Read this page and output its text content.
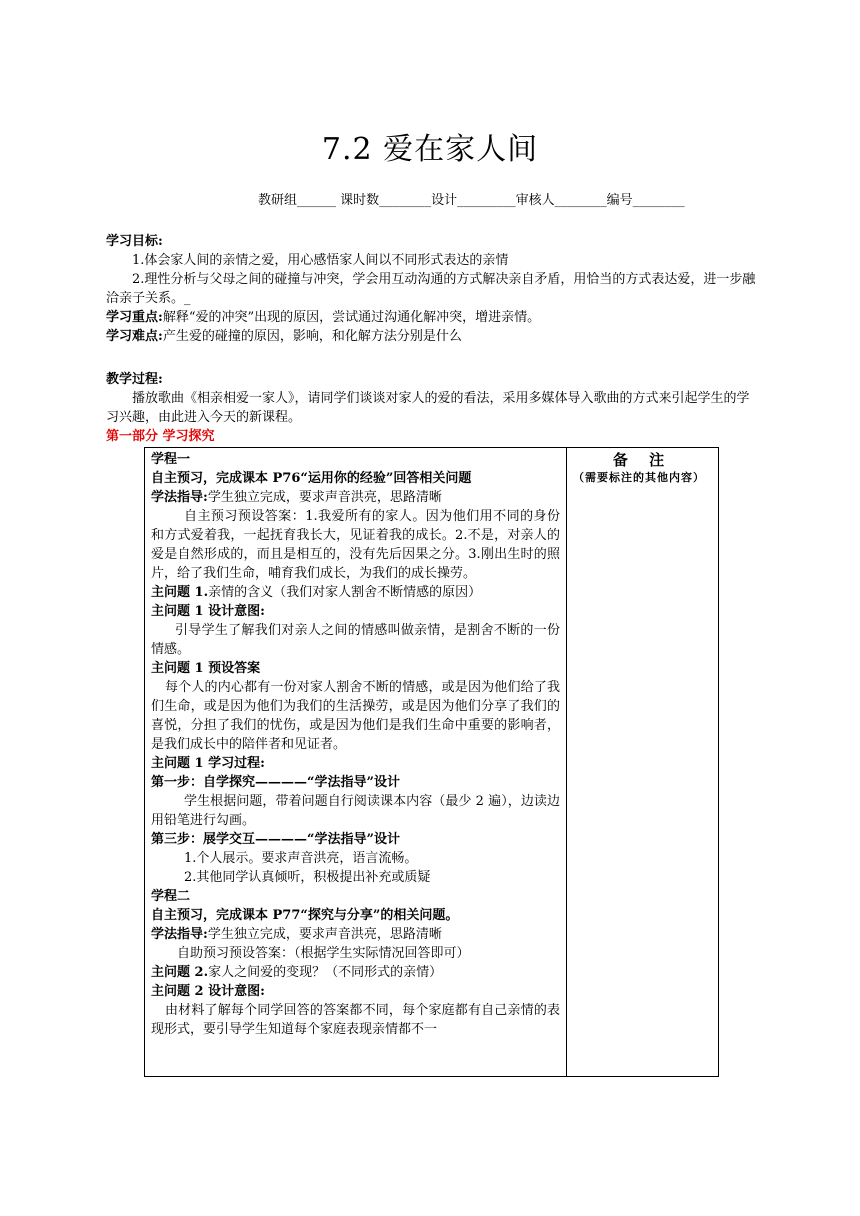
7.2 爱在家人间
教研组______ 课时数________设计_________审核人________编号________
学习目标:
1.体会家人间的亲情之爱，用心感悟家人间以不同形式表达的亲情
2.理性分析与父母之间的碰撞与冲突，学会用互动沟通的方式解决亲自矛盾，用恰当的方式表达爱，进一步融洽亲子关系。_
学习重点:解释“爱的冲突”出现的原因，尝试通过沟通化解冲突，增进亲情。
学习难点:产生爱的碰撞的原因，影响，和化解方法分别是什么
教学过程:
播放歌曲《相亲相爱一家人》，请同学们谈谈对家人的爱的看法，采用多媒体导入歌曲的方式来引起学生的学习兴趣，由此进入今天的新课程。
第一部分 学习探究
学程一
自主预习，完成课本 P76“运用你的经验”回答相关问题
学法指导:学生独立完成，要求声音洪亮，思路清晰
自主预习预设答案：1.我爱所有的家人。因为他们用不同的身份和方式爱着我，一起抚育我长大，见证着我的成长。2.不是，对亲人的爱是自然形成的，而且是相互的，没有先后因果之分。3.刚出生时的照片，给了我们生命，哺育我们成长，为我们的成长操劳。
主问题 1.亲情的含义（我们对家人割舍不断情感的原因）
主问题 1 设计意图:
引导学生了解我们对亲人之间的情感叫做亲情，是割舍不断的一份情感。
主问题 1 预设答案
每个人的内心都有一份对家人割舍不断的情感，或是因为他们给了我们生命，或是因为他们为我们的生活操劳，或是因为他们分享了我们的喜悦，分担了我们的忧伤，或是因为他们是我们生命中重要的影响者，是我们成长中的陪伴者和见证者。
主问题 1 学习过程:
第一步：自学探究————“学法指导”设计
学生根据问题，带着问题自行阅读课本内容（最少 2 遍），边读边用铅笔进行勾画。
第三步：展学交互————“学法指导”设计
1.个人展示。要求声音洪亮，语言流畅。
2.其他同学认真倾听，积极提出补充或质疑
学程二
自主预习，完成课本 P77“探究与分享”的相关问题。
学法指导:学生独立完成，要求声音洪亮，思路清晰
自助预习预设答案：（根据学生实际情况回答即可）
主问题 2.家人之间爱的变现？（不同形式的亲情）
主问题 2 设计意图:
由材料了解每个同学回答的答案都不同，每个家庭都有自己亲情的表现形式，要引导学生知道每个家庭表现亲情都不一

备 注
（需要标注的其他内容）
